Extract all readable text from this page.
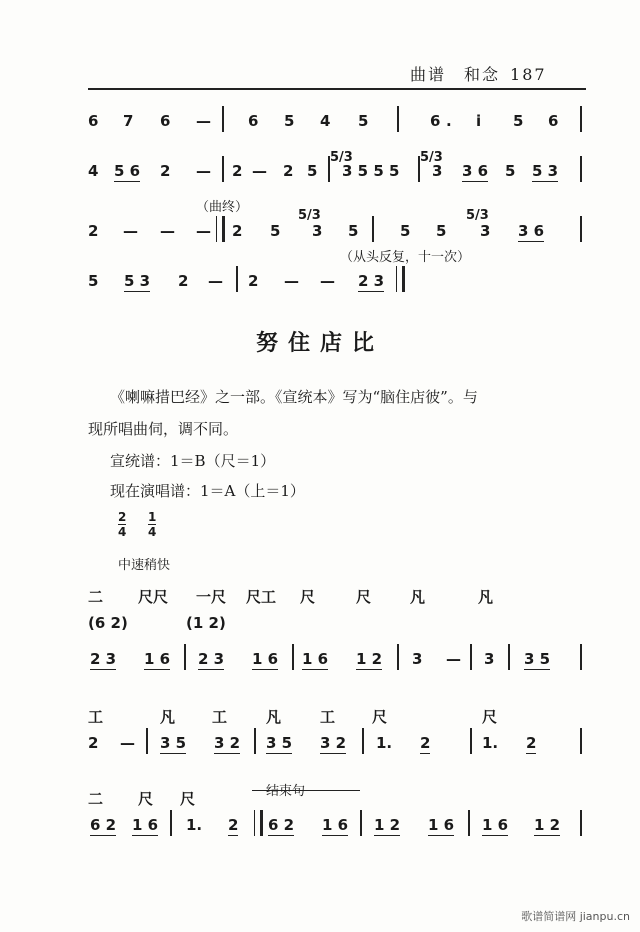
曲谱　和念 187
6 7 6 — 6 5 4 5	6 . i 5 6
4 5 6 2 — 2 — 2 5
5/3
3 5 5 5
5/3
3 3 6 5 5 3
（曲终）
2 — — — 2 5
5/3
3 5	5 5
5/3
3 3 6
（从头反复，十一次）
5 5 3 2 — 2 — — 2 3
努住店比
《喇嘛措巴经》之一部。《宣统本》写为“脑住店彼”。与
现所唱曲伺，调不同。
宣统谱：1＝B（尺＝1）
现在演唱谱：1＝A（上＝1）
$\frac{2}{4} \frac{1}{4}$
中速稍快
二 尺尺 一尺 尺工 尺	尺	凡	凡
(6 2)	(1 2)
2 3 1 6 2 3 1 6 1 6 1 2 3 — 3 3 5
工	凡 工	凡	工 尺	尺
2 — 3 5 3 2 3 5 3 2 1. 2	1. 2
二 尺 尺	结束句
6 2 1 6 1. 2 6 2 1 6 1 2 1 6 1 6 1 2
歌谱简谱网 jianpu.cn
